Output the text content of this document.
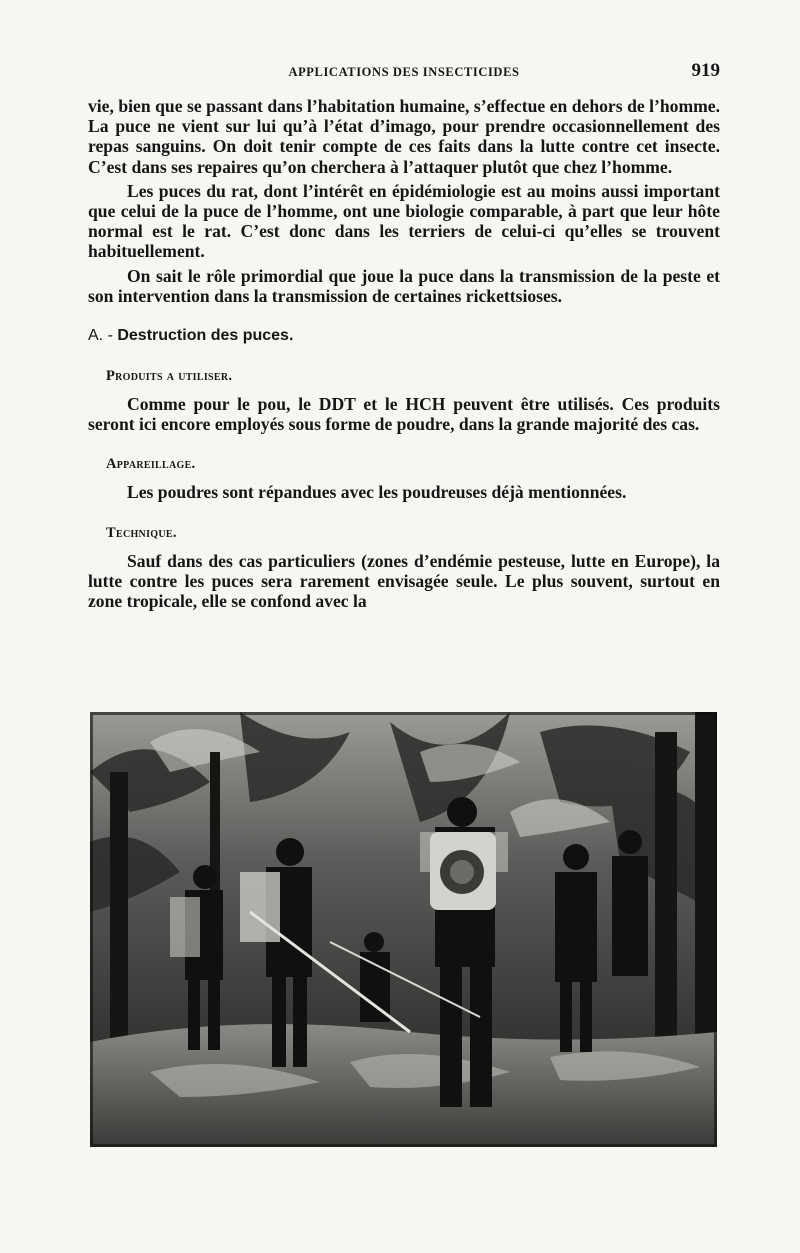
APPLICATIONS DES INSECTICIDES	919

vie, bien que se passant dans l’habitation humaine, s’effectue en dehors de l’homme. La puce ne vient sur lui qu’à l’état d’imago, pour prendre occasionnellement des repas sanguins. On doit tenir compte de ces faits dans la lutte contre cet insecte. C’est dans ses repaires qu’on cherchera à l’attaquer plutôt que chez l’homme.

Les puces du rat, dont l’intérêt en épidémiologie est au moins aussi important que celui de la puce de l’homme, ont une biologie comparable, à part que leur hôte normal est le rat. C’est donc dans les terriers de celui-ci qu’elles se trouvent habituellement.

On sait le rôle primordial que joue la puce dans la transmission de la peste et son intervention dans la transmission de certaines rickettsioses.

A. - Destruction des puces.
Produits a utiliser.

Comme pour le pou, le DDT et le HCH peuvent être utilisés. Ces produits seront ici encore employés sous forme de poudre, dans la grande majorité des cas.

Appareillage.

Les poudres sont répandues avec les poudreuses déjà mentionnées.

Technique.

Sauf dans des cas particuliers (zones d’endémie pesteuse, lutte en Europe), la lutte contre les puces sera rarement envisagée seule. Le plus souvent, surtout en zone tropicale, elle se confond avec la
